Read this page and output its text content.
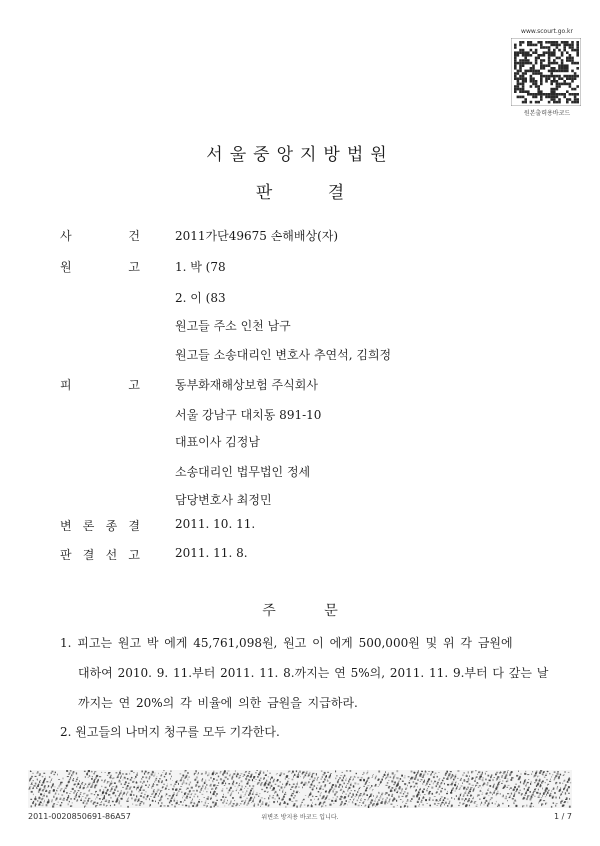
www.scourt.go.kr
원본출력용바코드
서울중앙지방법원
판 결
사	건	2011가단49675 손해배상(자)
원	고	1. 박 (78
2. 이 (83
원고들 주소 인천 남구
원고들 소송대리인 변호사 추연석, 김희정
피	고	동부화재해상보험 주식회사
서울 강남구 대치동 891-10
대표이사 김정남
소송대리인 법무법인 정세
담당변호사 최정민
변 론 종 결	2011. 10. 11.
판 결 선 고	2011. 11. 8.
주 문
1. 피고는 원고 박 에게 45,761,098원, 원고 이 에게 500,000원 및 위 각 금원에
대하여 2010. 9. 11.부터 2011. 11. 8.까지는 연 5%의, 2011. 11. 9.부터 다 갚는 날
까지는 연 20%의 각 비율에 의한 금원을 지급하라.
2. 원고들의 나머지 청구를 모두 기각한다.
2011-0020850691-86A57	위변조 방지용 바코드 입니다.	1 / 7
